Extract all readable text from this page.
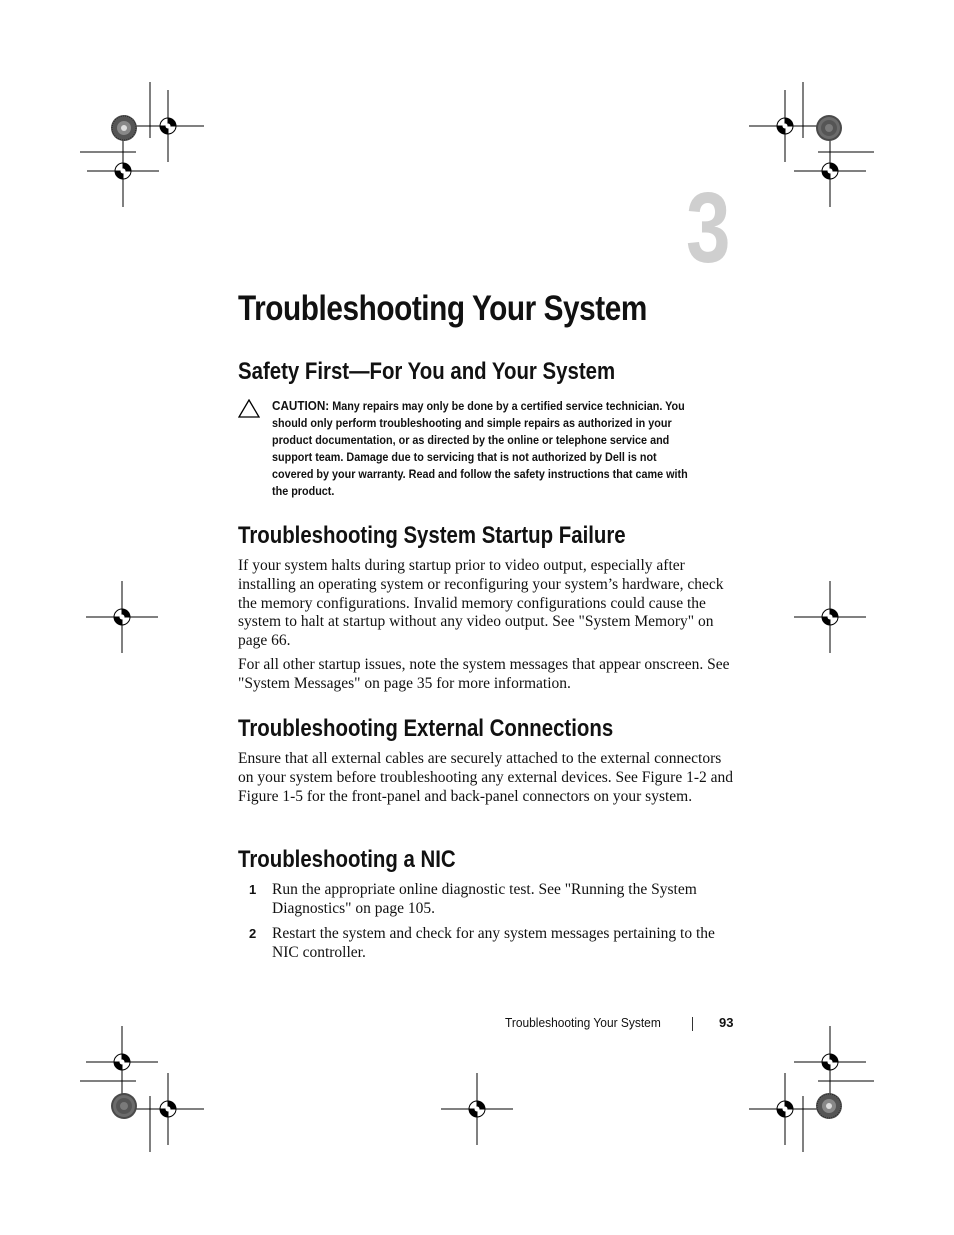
3
Troubleshooting Your System
Safety First—For You and Your System
CAUTION: Many repairs may only be done by a certified service technician. You should only perform troubleshooting and simple repairs as authorized in your product documentation, or as directed by the online or telephone service and support team. Damage due to servicing that is not authorized by Dell is not covered by your warranty. Read and follow the safety instructions that came with the product.
Troubleshooting System Startup Failure

If your system halts during startup prior to video output, especially after installing an operating system or reconfiguring your system’s hardware, check the memory configurations. Invalid memory configurations could cause the system to halt at startup without any video output. See "System Memory" on page 66.

For all other startup issues, note the system messages that appear onscreen. See "System Messages" on page 35 for more information.

Troubleshooting External Connections

Ensure that all external cables are securely attached to the external connectors on your system before troubleshooting any external devices. See Figure 1-2 and Figure 1-5 for the front-panel and back-panel connectors on your system.

Troubleshooting a NIC
1 Run the appropriate online diagnostic test. See "Running the System Diagnostics" on page 105.
2 Restart the system and check for any system messages pertaining to the NIC controller.
Troubleshooting Your System	93
